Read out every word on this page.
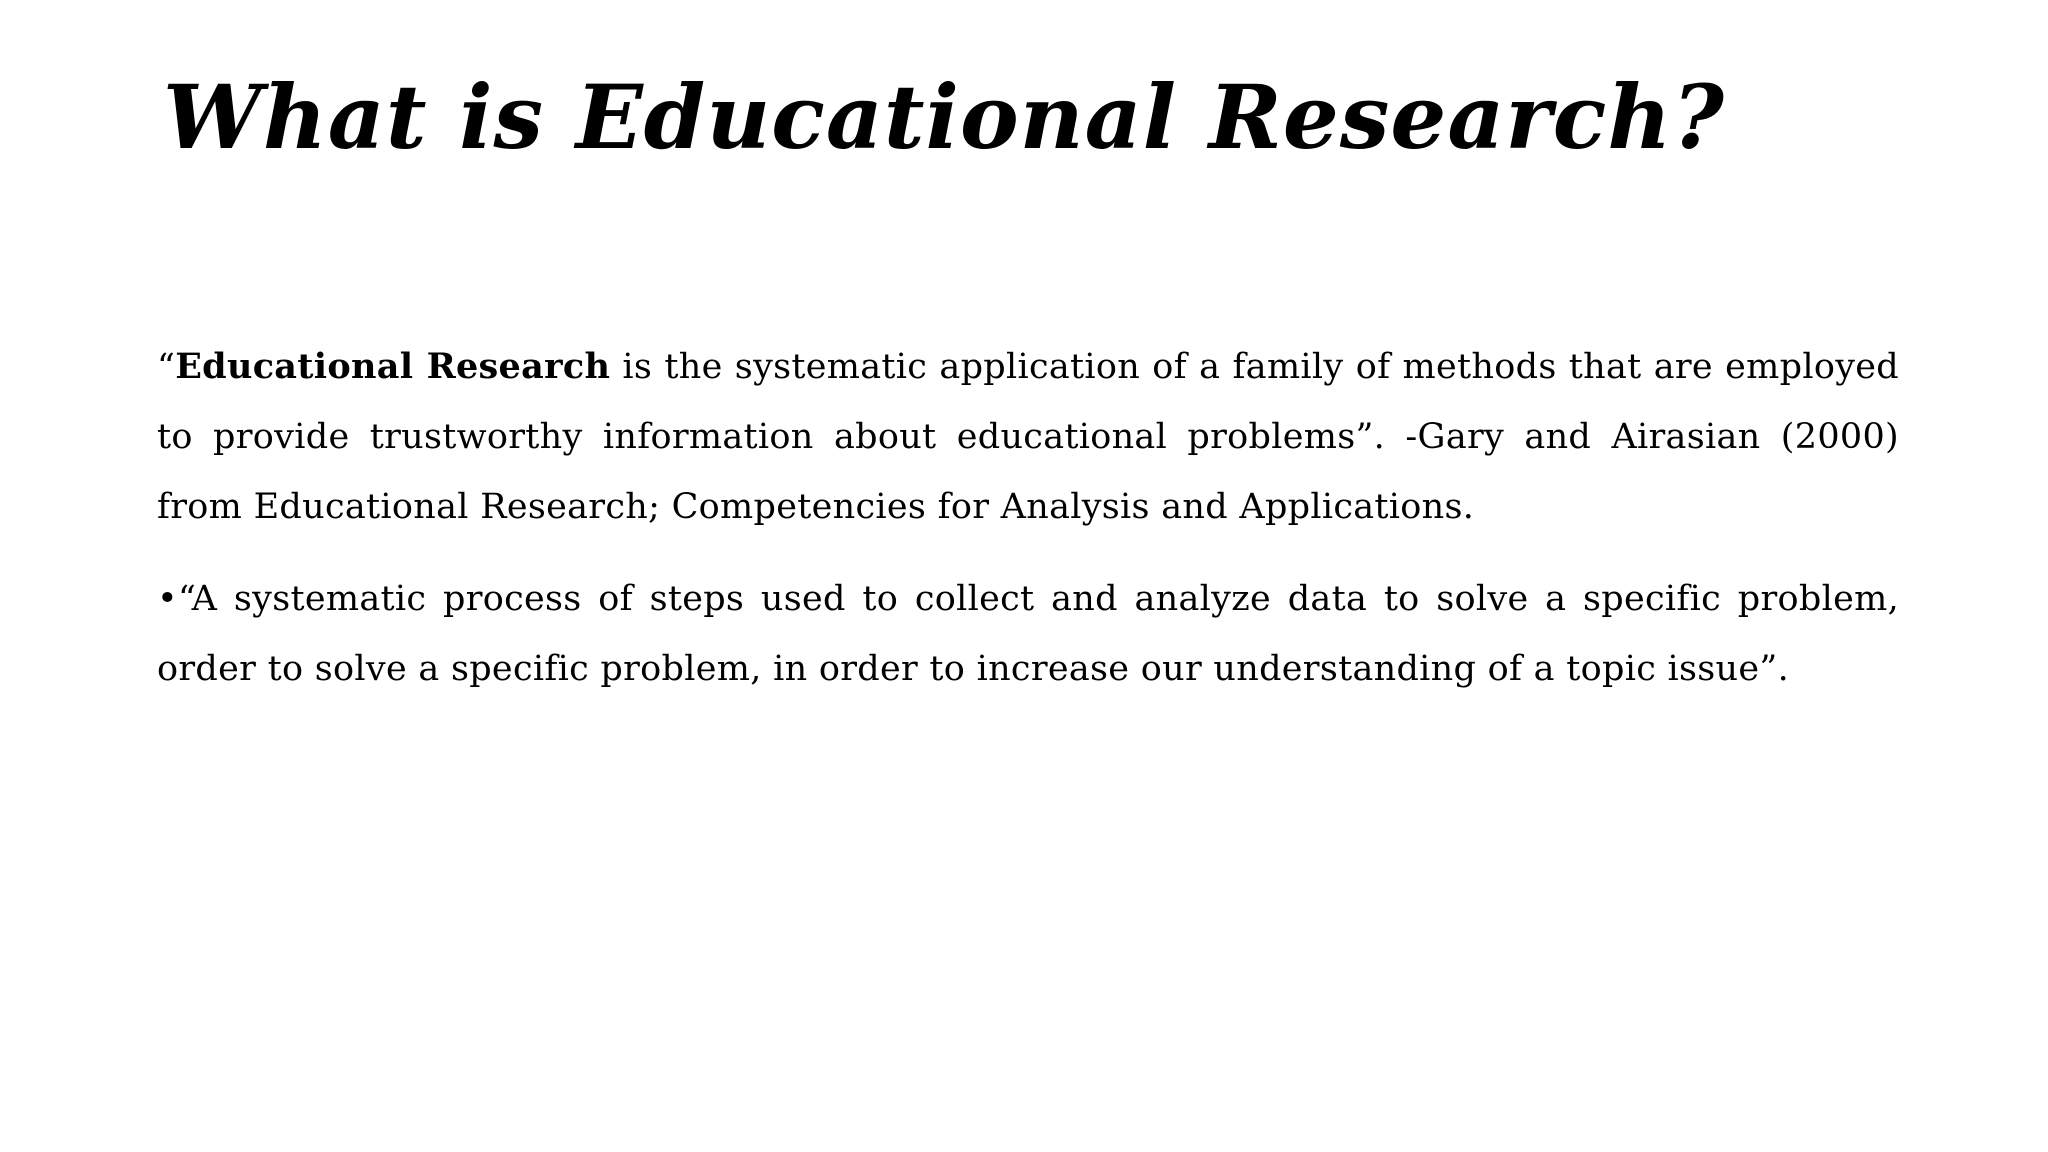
What is Educational Research?

“Educational Research is the systematic application of a family of methods that are employed to provide trustworthy information about educational problems”. -Gary and Airasian (2000) from Educational Research; Competencies for Analysis and Applications.

•“A systematic process of steps used to collect and analyze data to solve a specific problem, order to solve a specific problem, in order to increase our understanding of a topic issue”.
